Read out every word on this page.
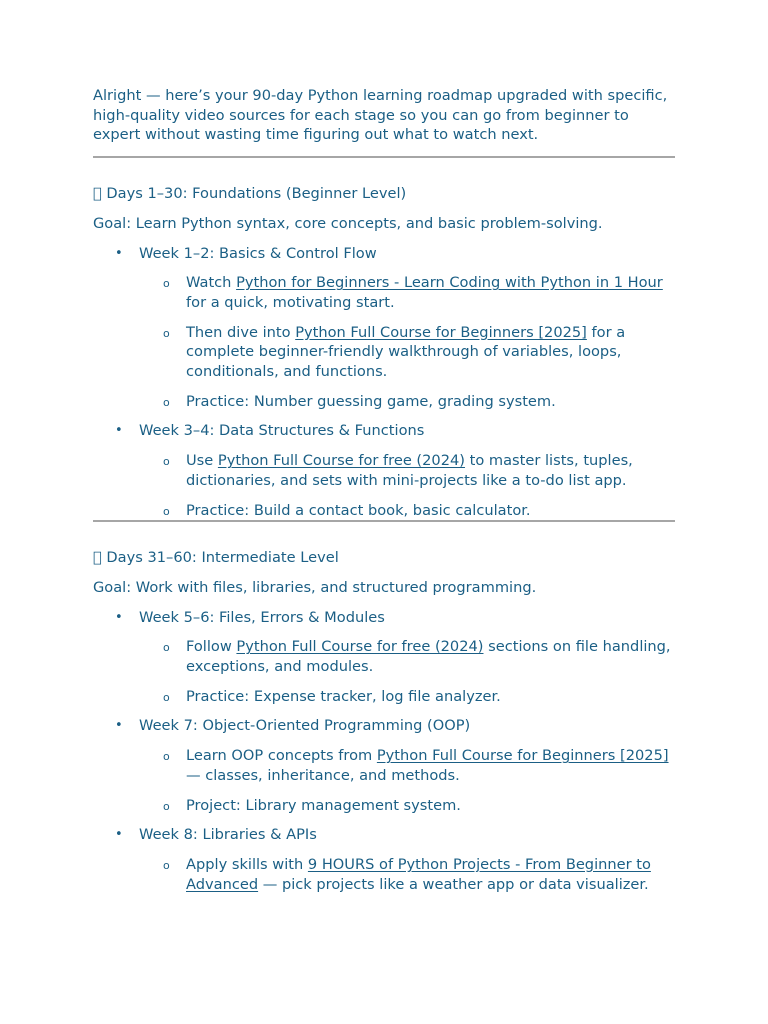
Alright — here’s your 90-day Python learning roadmap upgraded with specific, high-quality video sources for each stage so you can go from beginner to expert without wasting time figuring out what to watch next.

  Days 1–30: Foundations (Beginner Level)

Goal: Learn Python syntax, core concepts, and basic problem-solving.

• Week 1–2: Basics & Control Flow
o Watch Python for Beginners - Learn Coding with Python in 1 Hour for a quick, motivating start.
o Then dive into Python Full Course for Beginners [2025] for a complete beginner-friendly walkthrough of variables, loops, conditionals, and functions.
o Practice: Number guessing game, grading system.
• Week 3–4: Data Structures & Functions
o Use Python Full Course for free (2024) to master lists, tuples, dictionaries, and sets with mini-projects like a to-do list app.
o Practice: Build a contact book, basic calculator.

  Days 31–60: Intermediate Level

Goal: Work with files, libraries, and structured programming.

• Week 5–6: Files, Errors & Modules
o Follow Python Full Course for free (2024) sections on file handling, exceptions, and modules.
o Practice: Expense tracker, log file analyzer.
• Week 7: Object-Oriented Programming (OOP)
o Learn OOP concepts from Python Full Course for Beginners [2025] — classes, inheritance, and methods.
o Project: Library management system.
• Week 8: Libraries & APIs
o Apply skills with 9 HOURS of Python Projects - From Beginner to Advanced — pick projects like a weather app or data visualizer.
